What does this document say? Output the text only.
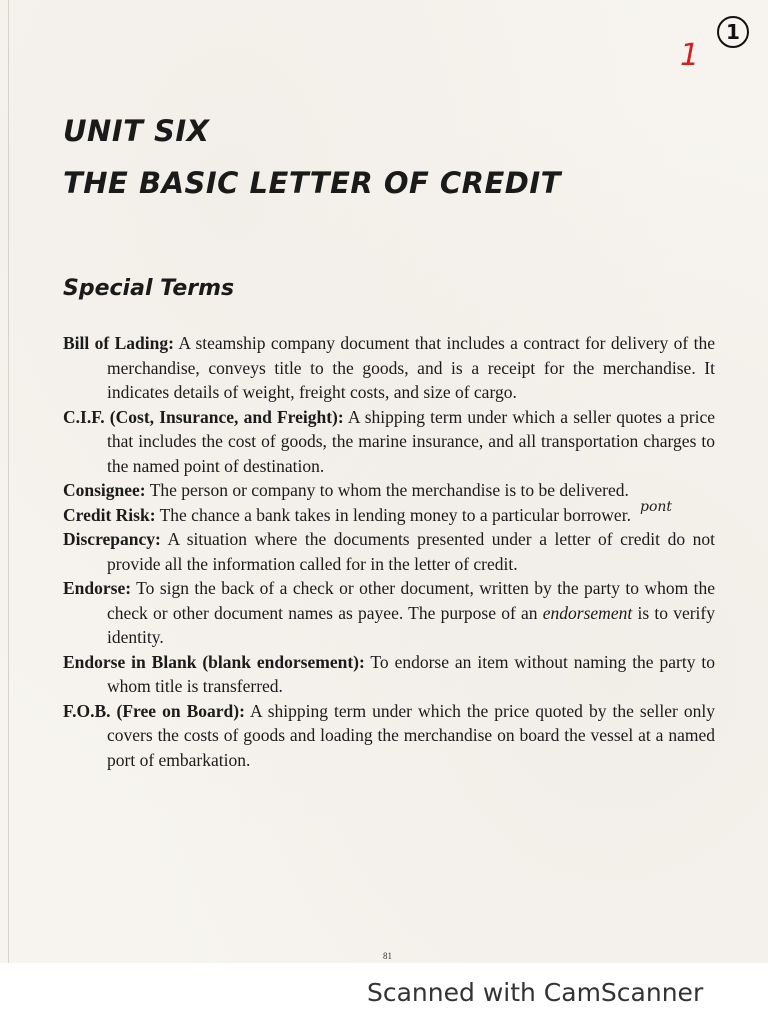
1
1
UNIT SIX
THE BASIC LETTER OF CREDIT
Special Terms

Bill of Lading: A steamship company document that includes a contract for delivery of the merchandise, conveys title to the goods, and is a receipt for the merchandise. It indicates details of weight, freight costs, and size of cargo.

C.I.F. (Cost, Insurance, and Freight): A shipping term under which a seller quotes a price that includes the cost of goods, the marine insurance, and all transportation charges to the named point of destination.

Consignee: The person or company to whom the merchandise is to be delivered.

Credit Risk: The chance a bank takes in lending money to a particular borrower.

Discrepancy: A situation where the documents presented under a letter of credit do not provide all the information called for in the letter of credit.

Endorse: To sign the back of a check or other document, written by the party to whom the check or other document names as payee. The purpose of an endorsement is to verify identity.

Endorse in Blank (blank endorsement): To endorse an item without naming the party to whom title is transferred.

F.O.B. (Free on Board): A shipping term under which the price quoted by the seller only covers the costs of goods and loading the merchandise on board the vessel at a named port of embarkation.

pont
81
Scanned with CamScanner
